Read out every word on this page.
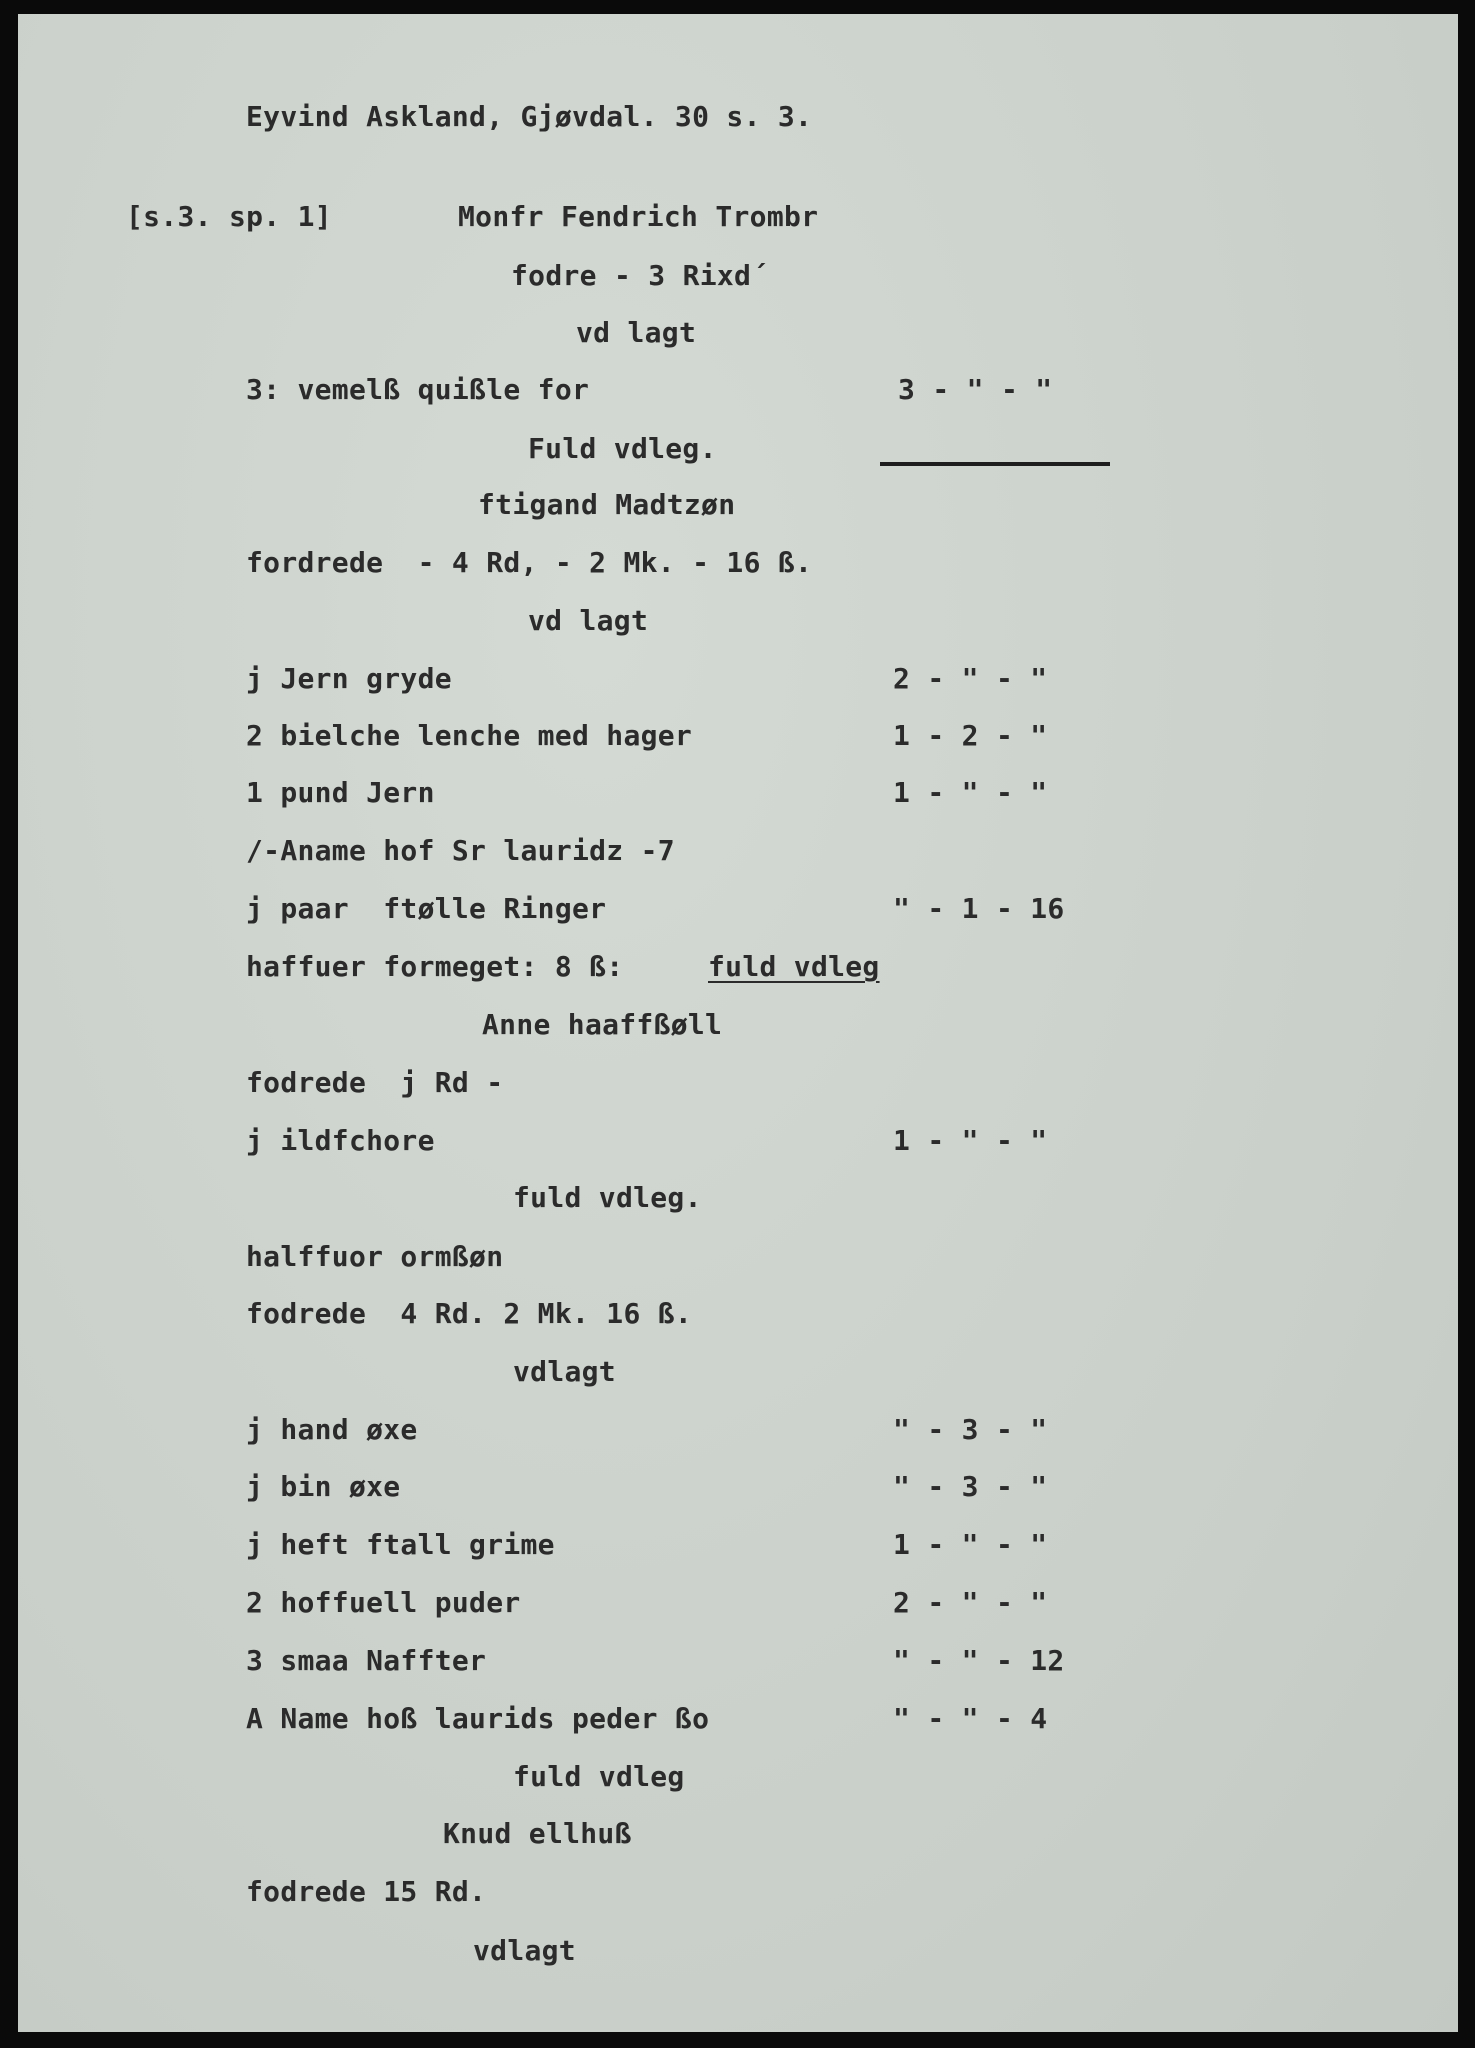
Eyvind Askland, Gjøvdal. 30 s. 3.

[s.3. sp. 1]	Monfr Fendrich Trombr

fodre - 3 Rixd´

vd lagt

3: vemelß quißle for	3 - " - "

Fuld vdleg.

ftigand Madtzøn

fordrede  - 4 Rd, - 2 Mk. - 16 ß.

vd lagt

j Jern gryde	2 - " - "

2 bielche lenche med hager	1 - 2 - "

1 pund Jern	1 - " - "

/-Aname hof Sr lauridz -7

j paar  ftølle Ringer	" - 1 - 16

haffuer formeget: 8 ß:	fuld vdleg

Anne haaffßøll

fodrede  j Rd -

j ildfchore	1 - " - "

fuld vdleg.

halffuor ormßøn

fodrede  4 Rd. 2 Mk. 16 ß.

vdlagt

j hand øxe	" - 3 - "

j bin øxe	" - 3 - "

j heft ftall grime	1 - " - "

2 hoffuell puder	2 - " - "

3 smaa Naffter	" - " - 12

A Name hoß laurids peder ßo	" - " - 4

fuld vdleg

Knud ellhuß

fodrede 15 Rd.

vdlagt
